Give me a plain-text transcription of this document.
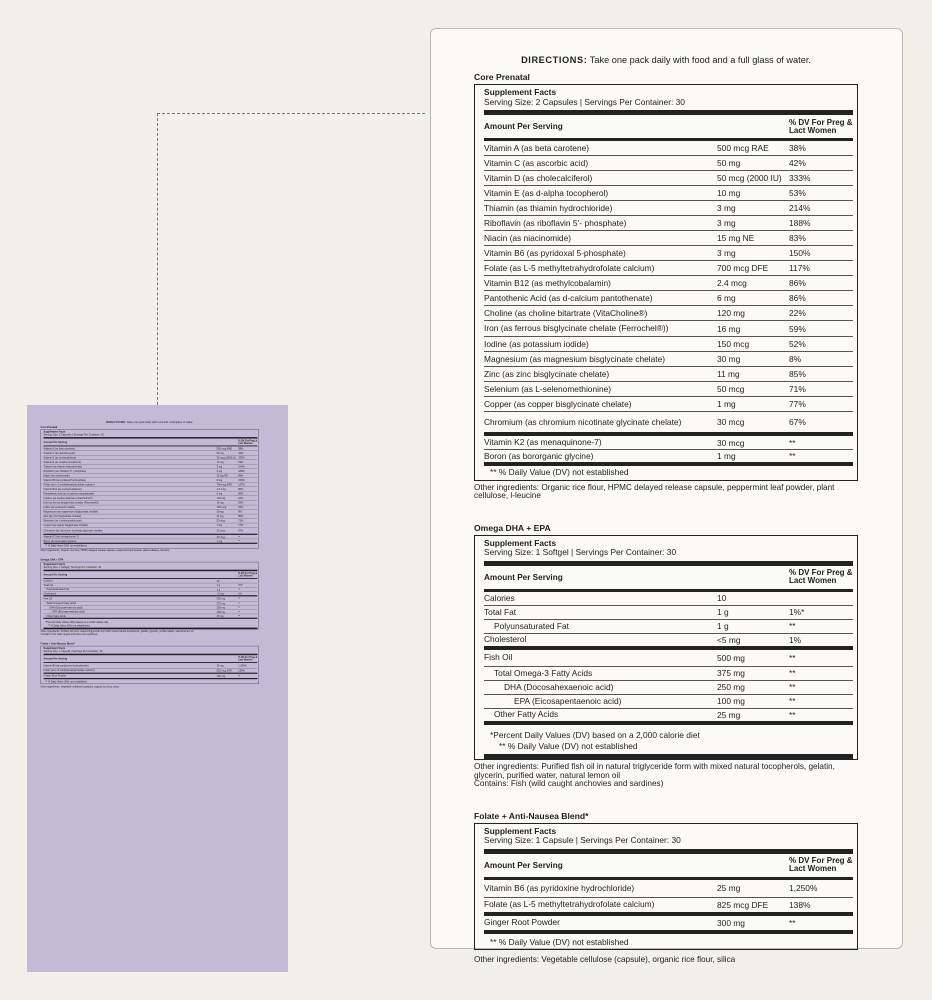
DIRECTIONS: Take one pack daily with food and a full glass of water.
Core Prenatal
Supplement Facts
Serving Size: 2 Capsules | Servings Per Container: 30
Amount Per Serving
% DV For Preg & Lact Women
Vitamin A (as beta carotene)	500 mcg RAE 38%
Vitamin C (as ascorbic acid)	50 mg	42%
Vitamin D (as cholecalciferol)	50 mcg (2000 IU) 333%
Vitamin E (as d-alpha tocopherol)	10 mg	53%
Thiamin (as thiamin hydrochloride)	3 mg	214%
Riboflavin (as riboflavin 5’- phosphate)	3 mg	188%
Niacin (as niacinomide)	15 mg NE	83%
Vitamin B6 (as pyridoxal 5-phosphate)	3 mg	150%
Folate (as L-5 methyltetrahydrofolate calcium)	700 mcg DFE 117%
Vitamin B12 (as methylcobalamin)	2.4 mcg	86%
Pantothenic Acid (as d-calcium pantothenate)	6 mg	86%
Choline (as choline bitartrate (VitaCholine®)	120 mg	22%
Iron (as ferrous bisglycinate chelate (Ferrochel®))	16 mg	59%
Iodine (as potassium iodide)	150 mcg	52%
Magnesium (as magnesium bisglycinate chelate)	30 mg	8%
Zinc (as zinc bisglycinate chelate)	11 mg	85%
Selenium (as L-selenomethionine)	50 mcg	71%
Copper (as copper bisglycinate chelate)	1 mg	77%
Chromium (as chromium nicotinate glycinate chelate)	30 mcg	67%
Vitamin K2 (as menaquinone-7)	30 mcg	**
Boron (as bororganic glycine)	1 mg	**
** % Daily Value (DV) not established
Other ingredients: Organic rice flour, HPMC delayed release capsule, peppermint leaf powder, plant cellulose, l-leucine
Omega DHA + EPA
Supplement Facts
Serving Size: 1 Softgel | Servings Per Container: 30
Amount Per Serving
% DV For Preg & Lact Women
Calories	10
Total Fat	1 g	1%*
Polyunsaturated Fat	1 g	**
Cholesterol	<5 mg	1%
Fish Oil	500 mg	**
Total Omega-3 Fatty Acids	375 mg	**
DHA (Docosahexaenoic acid)	250 mg	**
EPA (Eicosapentaenoic acid)	100 mg	**
Other Fatty Acids	25 mg	**
*Percent Daily Values (DV) based on a 2,000 calorie diet
** % Daily Value (DV) not established
Other ingredients: Purified fish oil in natural triglyceride form with mixed natural tocopherols, gelatin, glycerin, purified water, natural lemon oil
Contains: Fish (wild caught anchovies and sardines)
Folate + Anti-Nausea Blend*
Supplement Facts
Serving Size: 1 Capsule | Servings Per Container: 30
Amount Per Serving
% DV For Preg & Lact Women
Vitamin B6 (as pyridoxine hydrochloride)	25 mg	1,250%
Folate (as L-5 methyltetrahydrofolate calcium)	825 mcg DFE 138%
Ginger Root Powder	300 mg	**
** % Daily Value (DV) not established
Other ingredients: Vegetable cellulose (capsule), organic rice flour, silica
DIRECTIONS: Take one pack daily with food and a full glass of water.
Core Prenatal
Supplement Facts
Serving Size: 2 Capsules | Servings Per Container: 30
Amount Per Serving	% DV For Preg & Lact Women
Vitamin A (as beta carotene)	500 mcg RAE	38%
Vitamin C (as ascorbic acid)	50 mg	42%
Vitamin D (as cholecalciferol)	50 mcg (2000 IU) 333%
Vitamin E (as d-alpha tocopherol)	10 mg	53%
Thiamin (as thiamin hydrochloride)	3 mg	214%
Riboflavin (as riboflavin 5’- phosphate)	3 mg	188%
Niacin (as niacinomide)	15 mg NE	83%
Vitamin B6 (as pyridoxal 5-phosphate)	3 mg	150%
Folate (as L-5 methyltetrahydrofolate calcium)	700 mcg DFE	117%
Vitamin B12 (as methylcobalamin)	2.4 mcg	86%
Pantothenic Acid (as d-calcium pantothenate)	6 mg	86%
Choline (as choline bitartrate (VitaCholine®)	120 mg	22%
Iron (as ferrous bisglycinate chelate (Ferrochel®))	16 mg	59%
Iodine (as potassium iodide)	150 mcg	52%
Magnesium (as magnesium bisglycinate chelate)	30 mg	8%
Zinc (as zinc bisglycinate chelate)	11 mg	85%
Selenium (as L-selenomethionine)	50 mcg	71%
Copper (as copper bisglycinate chelate)	1 mg	77%
Chromium (as chromium nicotinate glycinate chelate)	30 mcg	67%
Vitamin K2 (as menaquinone-7)	30 mcg	**
Boron (as bororganic glycine)	1 mg	**
** % Daily Value (DV) not established
Other ingredients: Organic rice flour, HPMC delayed release capsule, peppermint leaf powder, plant cellulose, l-leucine
Omega DHA + EPA
Supplement Facts
Serving Size: 1 Softgel | Servings Per Container: 30
Amount Per Serving	% DV For Preg & Lact Women
Calories	10
Total Fat	1 g	1%*
Polyunsaturated Fat	1 g	**
Cholesterol	<5 mg	1%
Fish Oil	500 mg	**
Total Omega-3 Fatty Acids	375 mg	**
DHA (Docosahexaenoic acid)	250 mg	**
EPA (Eicosapentaenoic acid)	100 mg	**
Other Fatty Acids	25 mg	**
*Percent Daily Values (DV) based on a 2,000 calorie diet
** % Daily Value (DV) not established
Other ingredients: Purified fish oil in natural triglyceride form with mixed natural tocopherols, gelatin, glycerin, purified water, natural lemon oil
Contains: Fish (wild caught anchovies and sardines)
Folate + Anti-Nausea Blend*
Supplement Facts
Serving Size: 1 Capsule | Servings Per Container: 30
Amount Per Serving	% DV For Preg & Lact Women
Vitamin B6 (as pyridoxine hydrochloride)	25 mg	1,250%
Folate (as L-5 methyltetrahydrofolate calcium)	825 mcg DFE	138%
Ginger Root Powder	300 mg	**
** % Daily Value (DV) not established
Other ingredients: Vegetable cellulose (capsule), organic rice flour, silica
